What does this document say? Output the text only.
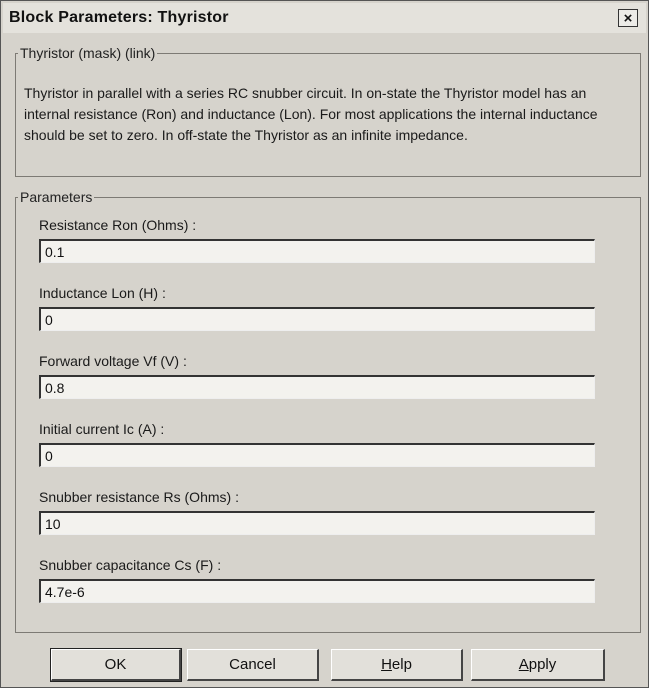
Block Parameters: Thyristor	×
Thyristor (mask) (link)
Thyristor in parallel with a series RC snubber circuit. In on-state the Thyristor model has an internal resistance (Ron) and inductance (Lon). For most applications the internal inductance should be set to zero. In off-state the Thyristor as an infinite impedance.
Parameters
Resistance Ron (Ohms) :
0.1
Inductance Lon (H) :
0
Forward voltage Vf (V) :
0.8
Initial current Ic (A) :
0
Snubber resistance Rs (Ohms) :
10
Snubber capacitance Cs (F) :
4.7e-6
OK	Cancel	H elp	A pply
